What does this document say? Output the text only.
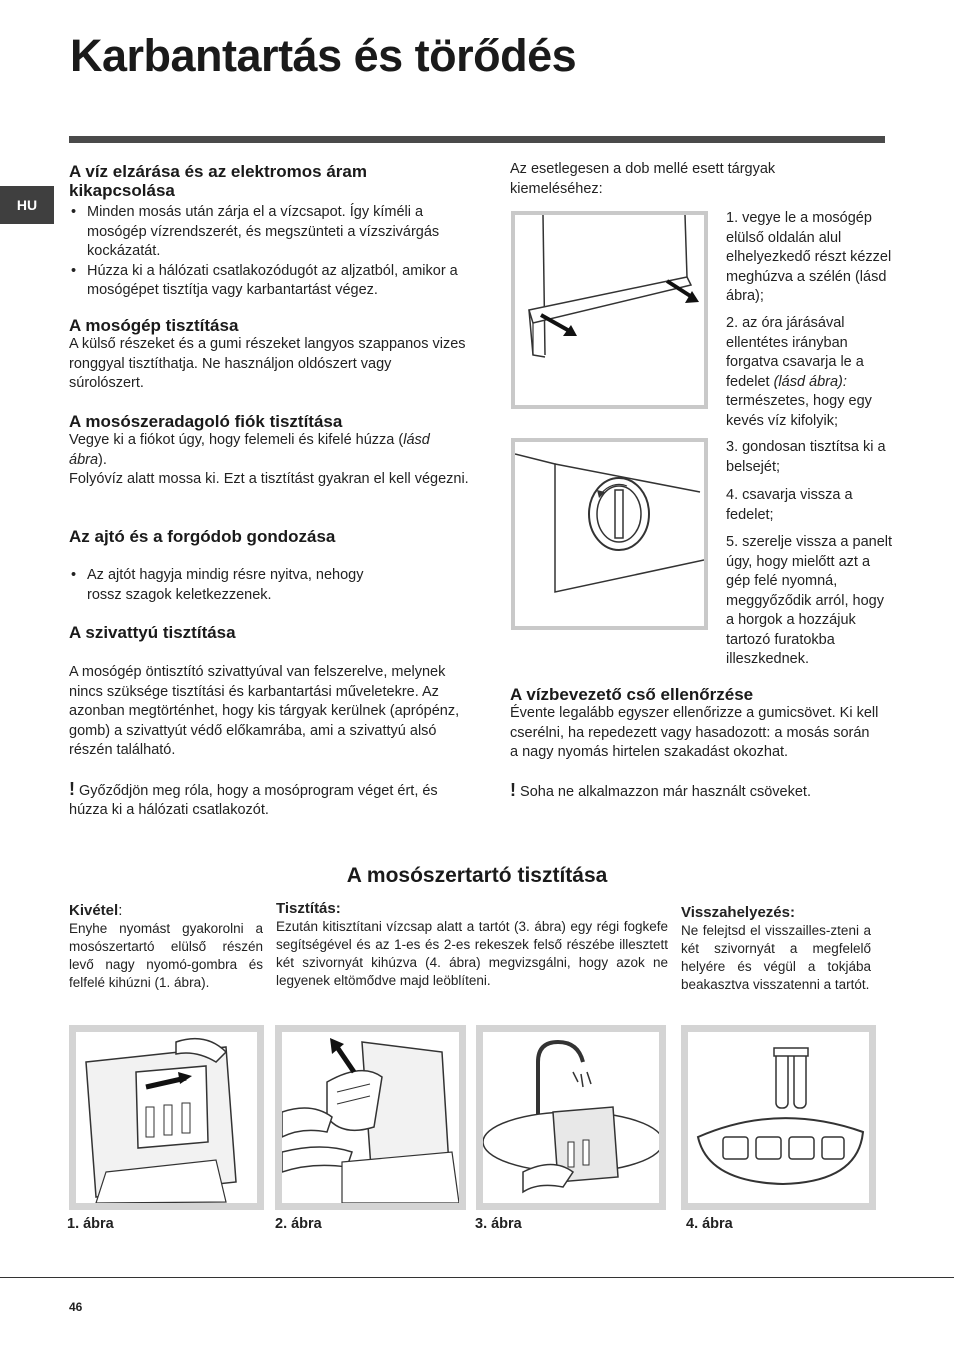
Karbantartás és törődés
HU
A víz elzárása és az elektromos áram kikapcsolása
• Minden mosás után zárja el a vízcsapot. Így kíméli a mosógép vízrendszerét, és megszünteti a vízszivárgás kockázatát.
• Húzza ki a hálózati csatlakozódugót az aljzatból, amikor a mosógépet tisztítja vagy karbantartást végez.
A mosógép tisztítása

A külső részeket és a gumi részeket langyos szappanos vizes ronggyal tisztíthatja. Ne használjon oldószert vagy súrolószert.

A mosószeradagoló fiók tisztítása

Vegye ki a fiókot úgy, hogy felemeli és kifelé húzza (lásd ábra).

Folyóvíz alatt mossa ki. Ezt a tisztítást gyakran el kell végezni.

Az ajtó és a forgódob gondozása
• Az ajtót hagyja mindig résre nyitva, nehogy rossz szagok keletkezzenek.
A szivattyú tisztítása

A mosógép öntisztító szivattyúval van felszerelve, melynek nincs szüksége tisztítási és karbantartási műveletekre. Az azonban megtörténhet, hogy kis tárgyak kerülnek (aprópénz, gomb) a szivattyút védő előkamrába, ami a szivattyú alsó részén található.

! Győződjön meg róla, hogy a mosóprogram véget ért, és húzza ki a hálózati csatlakozót.

Az esetlegesen a dob mellé esett tárgyak kiemeléséhez:

1. vegye le a mosógép elülső oldalán alul elhelyezkedő részt kézzel meghúzva a szélén (lásd ábra);
2. az óra járásával ellentétes irányban forgatva csavarja le a fedelet (lásd ábra): természetes, hogy egy kevés víz kifolyik;
3. gondosan tisztítsa ki a belsejét;
4. csavarja vissza a fedelet;
5. szerelje vissza a panelt úgy, hogy mielőtt azt a gép felé nyomná, meggyőződik arról, hogy a horgok a hozzájuk tartozó furatokba illeszkednek.
A vízbevezető cső ellenőrzése

Évente legalább egyszer ellenőrizze a gumicsövet. Ki kell cserélni, ha repedezett vagy hasadozott: a mosás során a nagy nyomás hirtelen szakadást okozhat.

! Soha ne alkalmazzon már használt csöveket.

A mosószertartó tisztítása
Kivétel:
Enyhe nyomást gyakorolni a mosószertartó elülső részén levő nagy nyomó-gombra és felfelé kihúzni (1. ábra).
Tisztítás:
Ezután kitisztítani vízcsap alatt a tartót (3. ábra) egy régi fogkefe segítségével és az 1-es és 2-es rekeszek felső részébe illesztett két szivornyát kihúzva (4. ábra) megvizsgálni, hogy azok ne legyenek eltömődve majd leöblíteni.
Visszahelyezés:
Ne felejtsd el visszailles-zteni a két szivornyát a megfelelő helyére és végül a tokjába beakasztva visszatenni a tartót.
1. ábra	2. ábra	3. ábra	4. ábra
46
